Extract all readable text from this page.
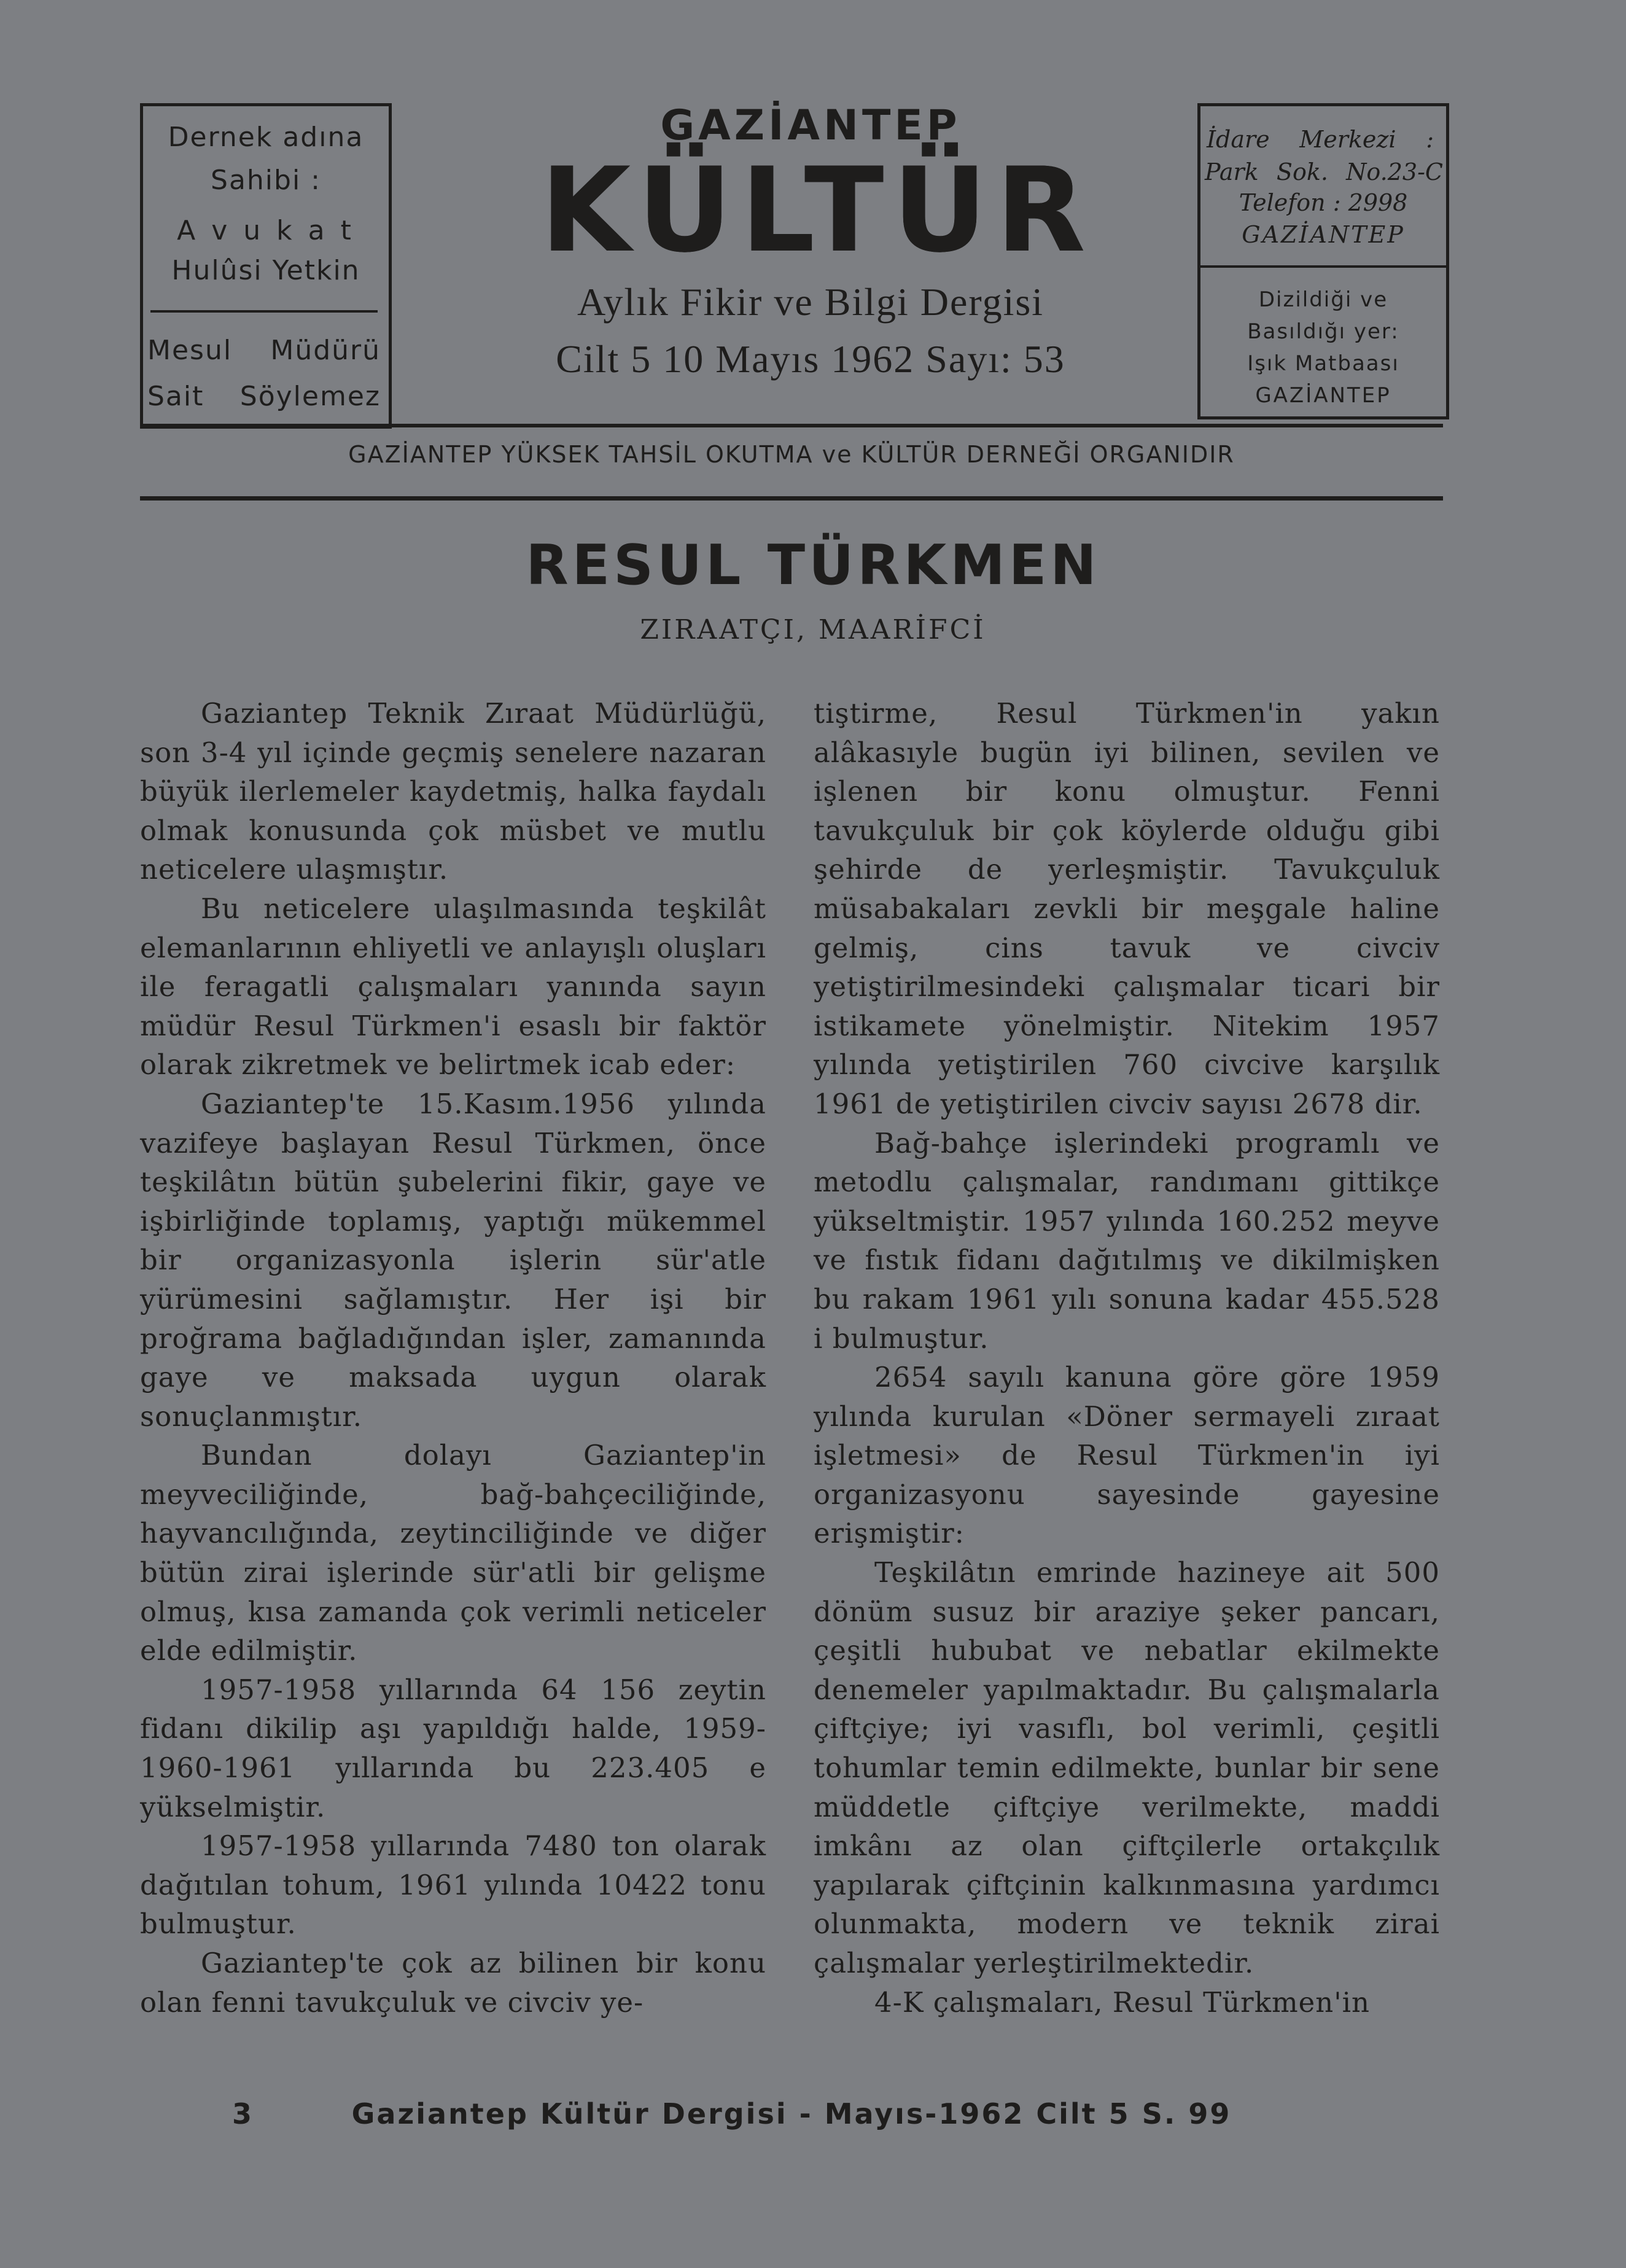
Dernek adına
Sahibi :
A v u k a t
Hulûsi Yetkin
Mesul Müdürü
Sait Söylemez
GAZİANTEP
KÜLTÜR
Aylık Fikir ve Bilgi Dergisi
Cilt 5 10 Mayıs 1962 Sayı: 53
İdare Merkezi :
Park Sok. No.23-C
Telefon : 2998
GAZİANTEP
Dizildiği ve
Basıldığı yer:
Işık Matbaası
GAZİANTEP
GAZİANTEP YÜKSEK TAHSİL OKUTMA ve KÜLTÜR DERNEĞİ ORGANIDIR
RESUL TÜRKMEN
ZIRAATÇI, MAARİFCİ

Gaziantep Teknik Zıraat Müdürlüğü, son 3-4 yıl içinde geçmiş senelere nazaran büyük ilerlemeler kaydetmiş, halka faydalı olmak konusunda çok müsbet ve mutlu neticelere ulaşmıştır.

Bu neticelere ulaşılmasında teşkilât elemanlarının ehliyetli ve anlayışlı oluşları ile feragatli çalışmaları yanında sayın müdür Resul Türkmen'i esaslı bir faktör olarak zikretmek ve belirtmek icab eder:

Gaziantep'te 15.Kasım.1956 yılında vazifeye başlayan Resul Türkmen, önce teşkilâtın bütün şubelerini fikir, gaye ve işbirliğinde toplamış, yaptığı mükemmel bir organizasyonla işlerin sür'atle yürümesini sağlamıştır. Her işi bir proğrama bağladığından işler, zamanında gaye ve maksada uygun olarak sonuçlanmıştır.

Bundan dolayı Gaziantep'in meyveciliğinde, bağ-bahçeciliğinde, hayvancılığında, zeytinciliğinde ve diğer bütün zirai işlerinde sür'atli bir gelişme olmuş, kısa zamanda çok verimli neticeler elde edilmiştir.

1957-1958 yıllarında 64 156 zeytin fidanı dikilip aşı yapıldığı halde, 1959-1960-1961 yıllarında bu 223.405 e yükselmiştir.

1957-1958 yıllarında 7480 ton olarak dağıtılan tohum, 1961 yılında 10422 tonu bulmuştur.

Gaziantep'te çok az bilinen bir konu olan fenni tavukçuluk ve civciv ye-

tiştirme, Resul Türkmen'in yakın alâkasıyle bugün iyi bilinen, sevilen ve işlenen bir konu olmuştur. Fenni tavukçuluk bir çok köylerde olduğu gibi şehirde de yerleşmiştir. Tavukçuluk müsabakaları zevkli bir meşgale haline gelmiş, cins tavuk ve civciv yetiştirilmesindeki çalışmalar ticari bir istikamete yönelmiştir. Nitekim 1957 yılında yetiştirilen 760 civcive karşılık 1961 de yetiştirilen civciv sayısı 2678 dir.

Bağ-bahçe işlerindeki programlı ve metodlu çalışmalar, randımanı gittikçe yükseltmiştir. 1957 yılında 160.252 meyve ve fıstık fidanı dağıtılmış ve dikilmişken bu rakam 1961 yılı sonuna kadar 455.528 i bulmuştur.

2654 sayılı kanuna göre göre 1959 yılında kurulan «Döner sermayeli zıraat işletmesi» de Resul Türkmen'in iyi organizasyonu sayesinde gayesine erişmiştir:

Teşkilâtın emrinde hazineye ait 500 dönüm susuz bir araziye şeker pancarı, çeşitli hububat ve nebatlar ekilmekte denemeler yapılmaktadır. Bu çalışmalarla çiftçiye; iyi vasıflı, bol verimli, çeşitli tohumlar temin edilmekte, bunlar bir sene müddetle çiftçiye verilmekte, maddi imkânı az olan çiftçilerle ortakçılık yapılarak çiftçinin kalkınmasına yardımcı olunmakta, modern ve teknik zirai çalışmalar yerleştirilmektedir.

4-K çalışmaları, Resul Türkmen'in

3	Gaziantep Kültür Dergisi - Mayıs-1962 Cilt 5 S. 99
